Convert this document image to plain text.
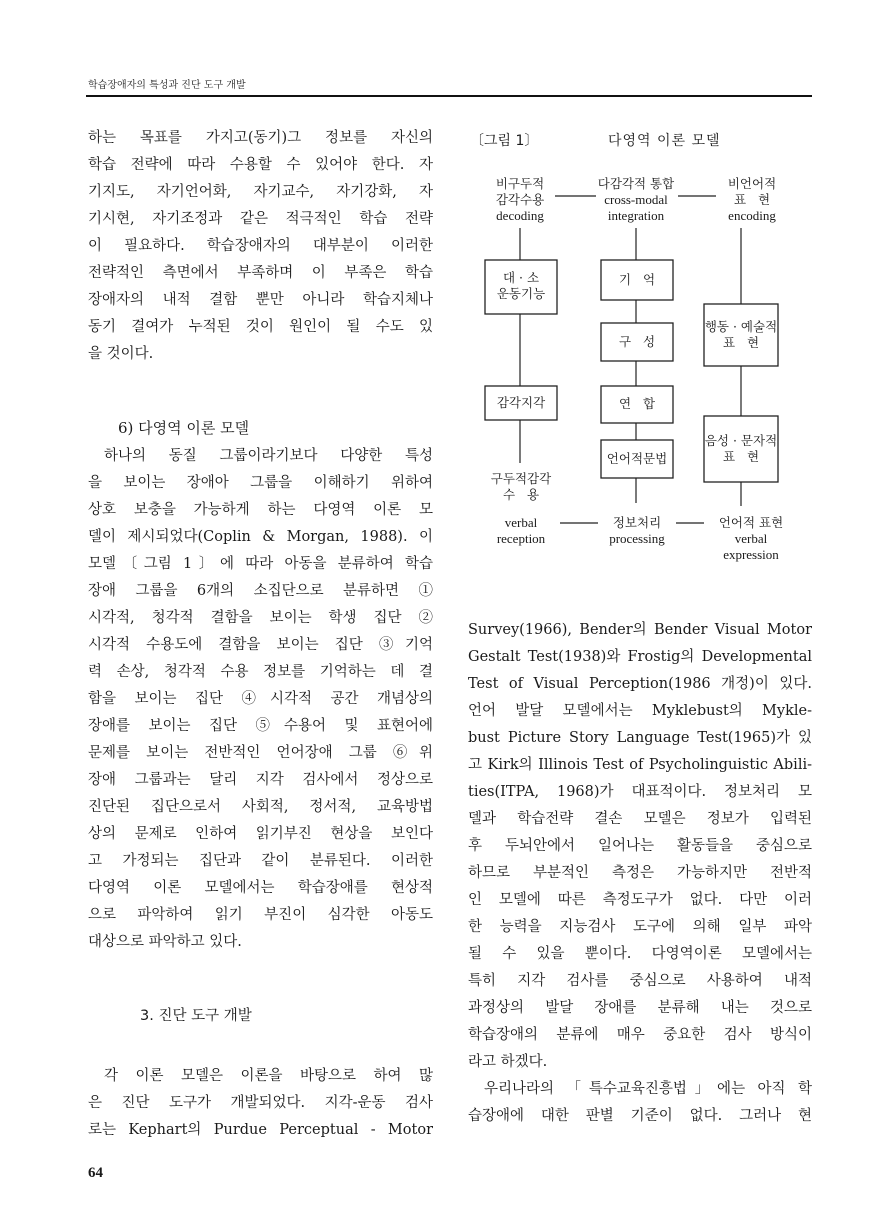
학습장애자의 특성과 진단 도구 개발
하는 목표를 가지고(동기)그 정보를 자신의
학습 전략에 따라 수용할 수 있어야 한다. 자
기지도, 자기언어화, 자기교수, 자기강화, 자
기시현, 자기조정과 같은 적극적인 학습 전략
이 필요하다. 학습장애자의 대부분이 이러한
전략적인 측면에서 부족하며 이 부족은 학습
장애자의 내적 결함 뿐만 아니라 학습지체나
동기 결여가 누적된 것이 원인이 될 수도 있
을 것이다.
6) 다영역 이론 모델
하나의 동질 그룹이라기보다 다양한 특성
을 보이는 장애아 그룹을 이해하기 위하여
상호 보충을 가능하게 하는 다영역 이론 모
델이 제시되었다(Coplin & Morgan, 1988). 이
모델〔그림 1〕에 따라 아동을 분류하여 학습
장애 그룹을 6개의 소집단으로 분류하면 ①
시각적, 청각적 결함을 보이는 학생 집단 ②
시각적 수용도에 결함을 보이는 집단 ③기억
력 손상, 청각적 수용 정보를 기억하는 데 결
함을 보이는 집단 ④시각적 공간 개념상의
장애를 보이는 집단 ⑤수용어 및 표현어에
문제를 보이는 전반적인 언어장애 그룹 ⑥위
장애 그룹과는 달리 지각 검사에서 정상으로
진단된 집단으로서 사회적, 정서적, 교육방법
상의 문제로 인하여 읽기부진 현상을 보인다
고 가정되는 집단과 같이 분류된다. 이러한
다영역 이론 모델에서는 학습장애를 현상적
으로 파악하여 읽기 부진이 심각한 아동도
대상으로 파악하고 있다.
3. 진단 도구 개발
각 이론 모델은 이론을 바탕으로 하여 많
은 진단 도구가 개발되었다. 지각-운동 검사
로는 Kephart의 Purdue Perceptual - Motor
〔그림 1〕	다영역 이론 모델
비구두적
감각수용
decoding
다감각적 통합
cross-modal
integration
비언어적
표   현
encoding
대 · 소
운동기능
감각지각
기   억
구   성
연   합
언어적문법
행동 · 예술적
표   현
음성 · 문자적
표   현
구두적감각
수   용
verbal
reception
정보처리
processing
언어적 표현
verbal
expression
Survey(1966), Bender의 Bender Visual Motor
Gestalt Test(1938)와 Frostig의 Developmental
Test of Visual Perception(1986 개정)이 있다.
언어 발달 모델에서는 Myklebust의 Mykle-
bust Picture Story Language Test(1965)가 있
고 Kirk의 Illinois Test of Psycholinguistic Abili-
ties(ITPA, 1968)가 대표적이다. 정보처리 모
델과 학습전략 결손 모델은 정보가 입력된
후 두뇌안에서 일어나는 활동들을 중심으로
하므로 부분적인 측정은 가능하지만 전반적
인 모델에 따른 측정도구가 없다. 다만 이러
한 능력을 지능검사 도구에 의해 일부 파악
될 수 있을 뿐이다. 다영역이론 모델에서는
특히 지각 검사를 중심으로 사용하여 내적
과정상의 발달 장애를 분류해 내는 것으로
학습장애의 분류에 매우 중요한 검사 방식이
라고 하겠다.
우리나라의 「특수교육진흥법」에는 아직 학
습장애에 대한 판별 기준이 없다. 그러나 현
64
